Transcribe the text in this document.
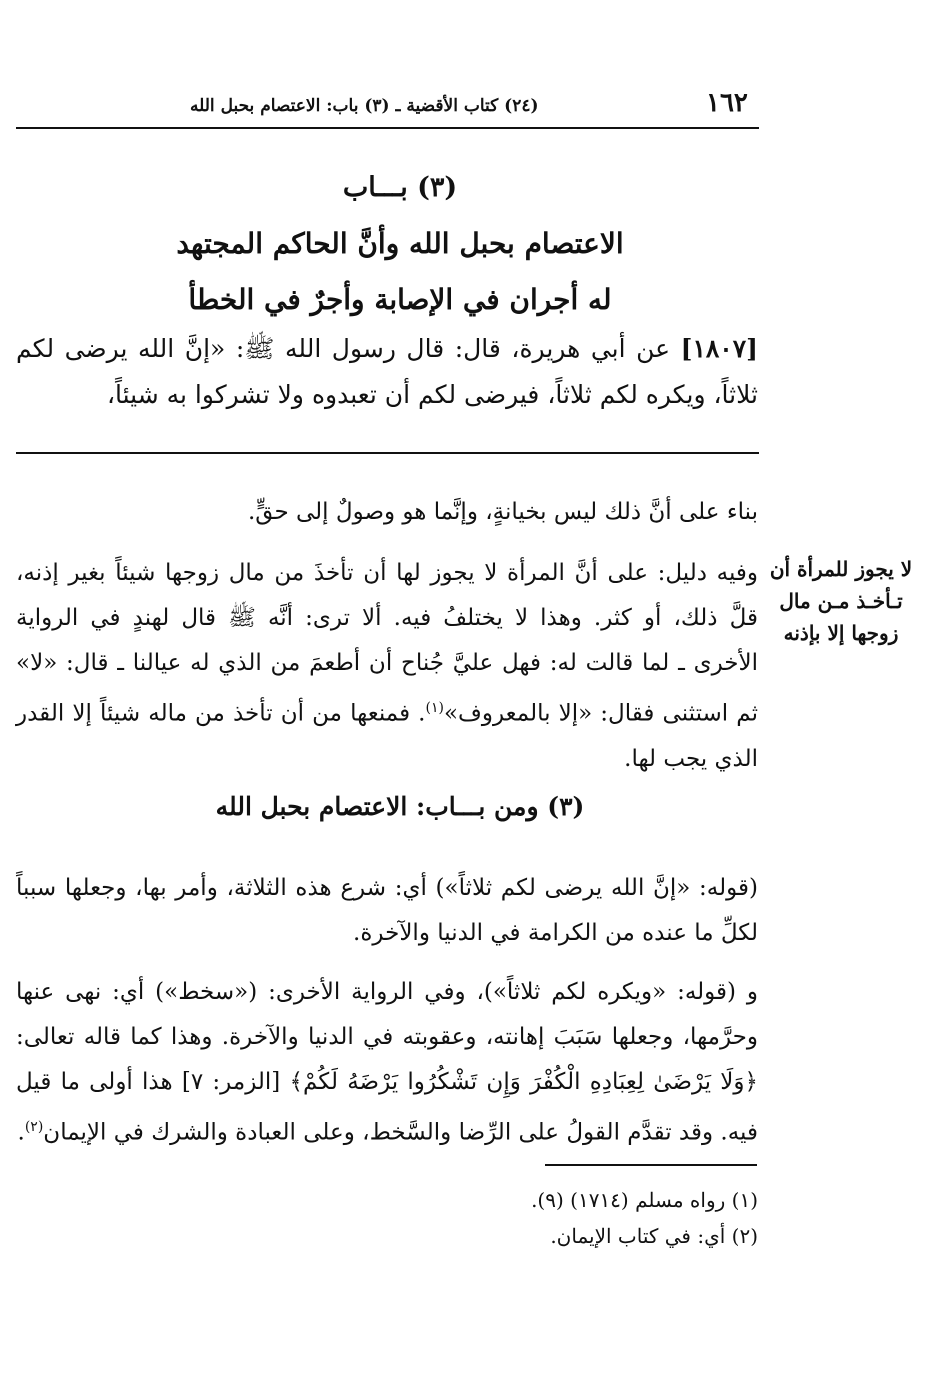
١٦٢
(٢٤) كتاب الأقضية ـ (٣) باب: الاعتصام بحبل الله
(٣) بـــاب
الاعتصام بحبل الله وأنَّ الحاكم المجتهد
له أجران في الإصابة وأجرٌ في الخطأ
[١٨٠٧] عن أبي هريرة، قال: قال رسول الله ﷺ: «إنَّ الله يرضى لكم ثلاثاً، ويكره لكم ثلاثاً، فيرضى لكم أن تعبدوه ولا تشركوا به شيئاً،
بناء على أنَّ ذلك ليس بخيانةٍ، وإنَّما هو وصولٌ إلى حقٍّ.
وفيه دليل: على أنَّ المرأة لا يجوز لها أن تأخذَ من مال زوجها شيئاً بغير إذنه، قلَّ ذلك، أو كثر. وهذا لا يختلفُ فيه. ألا ترى: أنَّه ﷺ قال لهندٍ في الرواية الأخرى ـ لما قالت له: فهل عليَّ جُناح أن أطعمَ من الذي له عيالنا ـ قال: «لا» ثم استثنى فقال: «إلا بالمعروف»$^{(١)}$. فمنعها من أن تأخذ من ماله شيئاً إلا القدر الذي يجب لها.
لا يجوز للمرأة أن تـأخـذ مـن مال زوجها إلا بإذنه
(٣) ومن بـــاب: الاعتصام بحبل الله
(قوله: «إنَّ الله يرضى لكم ثلاثاً») أي: شرع هذه الثلاثة، وأمر بها، وجعلها سبباً لكلِّ ما عنده من الكرامة في الدنيا والآخرة.
و (قوله: «ويكره لكم ثلاثاً»)، وفي الرواية الأخرى: («سخط») أي: نهى عنها وحرَّمها، وجعلها سَبَبَ إهانته، وعقوبته في الدنيا والآخرة. وهذا كما قاله تعالى: ﴿وَلَا يَرْضَىٰ لِعِبَادِهِ الْكُفْرَ وَإِن تَشْكُرُوا يَرْضَهُ لَكُمْ﴾ [الزمر: ٧] هذا أولى ما قيل فيه. وقد تقدَّم القولُ على الرِّضا والسَّخط، وعلى العبادة والشرك في الإيمان$^{(٢)}$.
(١) رواه مسلم (١٧١٤) (٩).
(٢) أي: في كتاب الإيمان.
